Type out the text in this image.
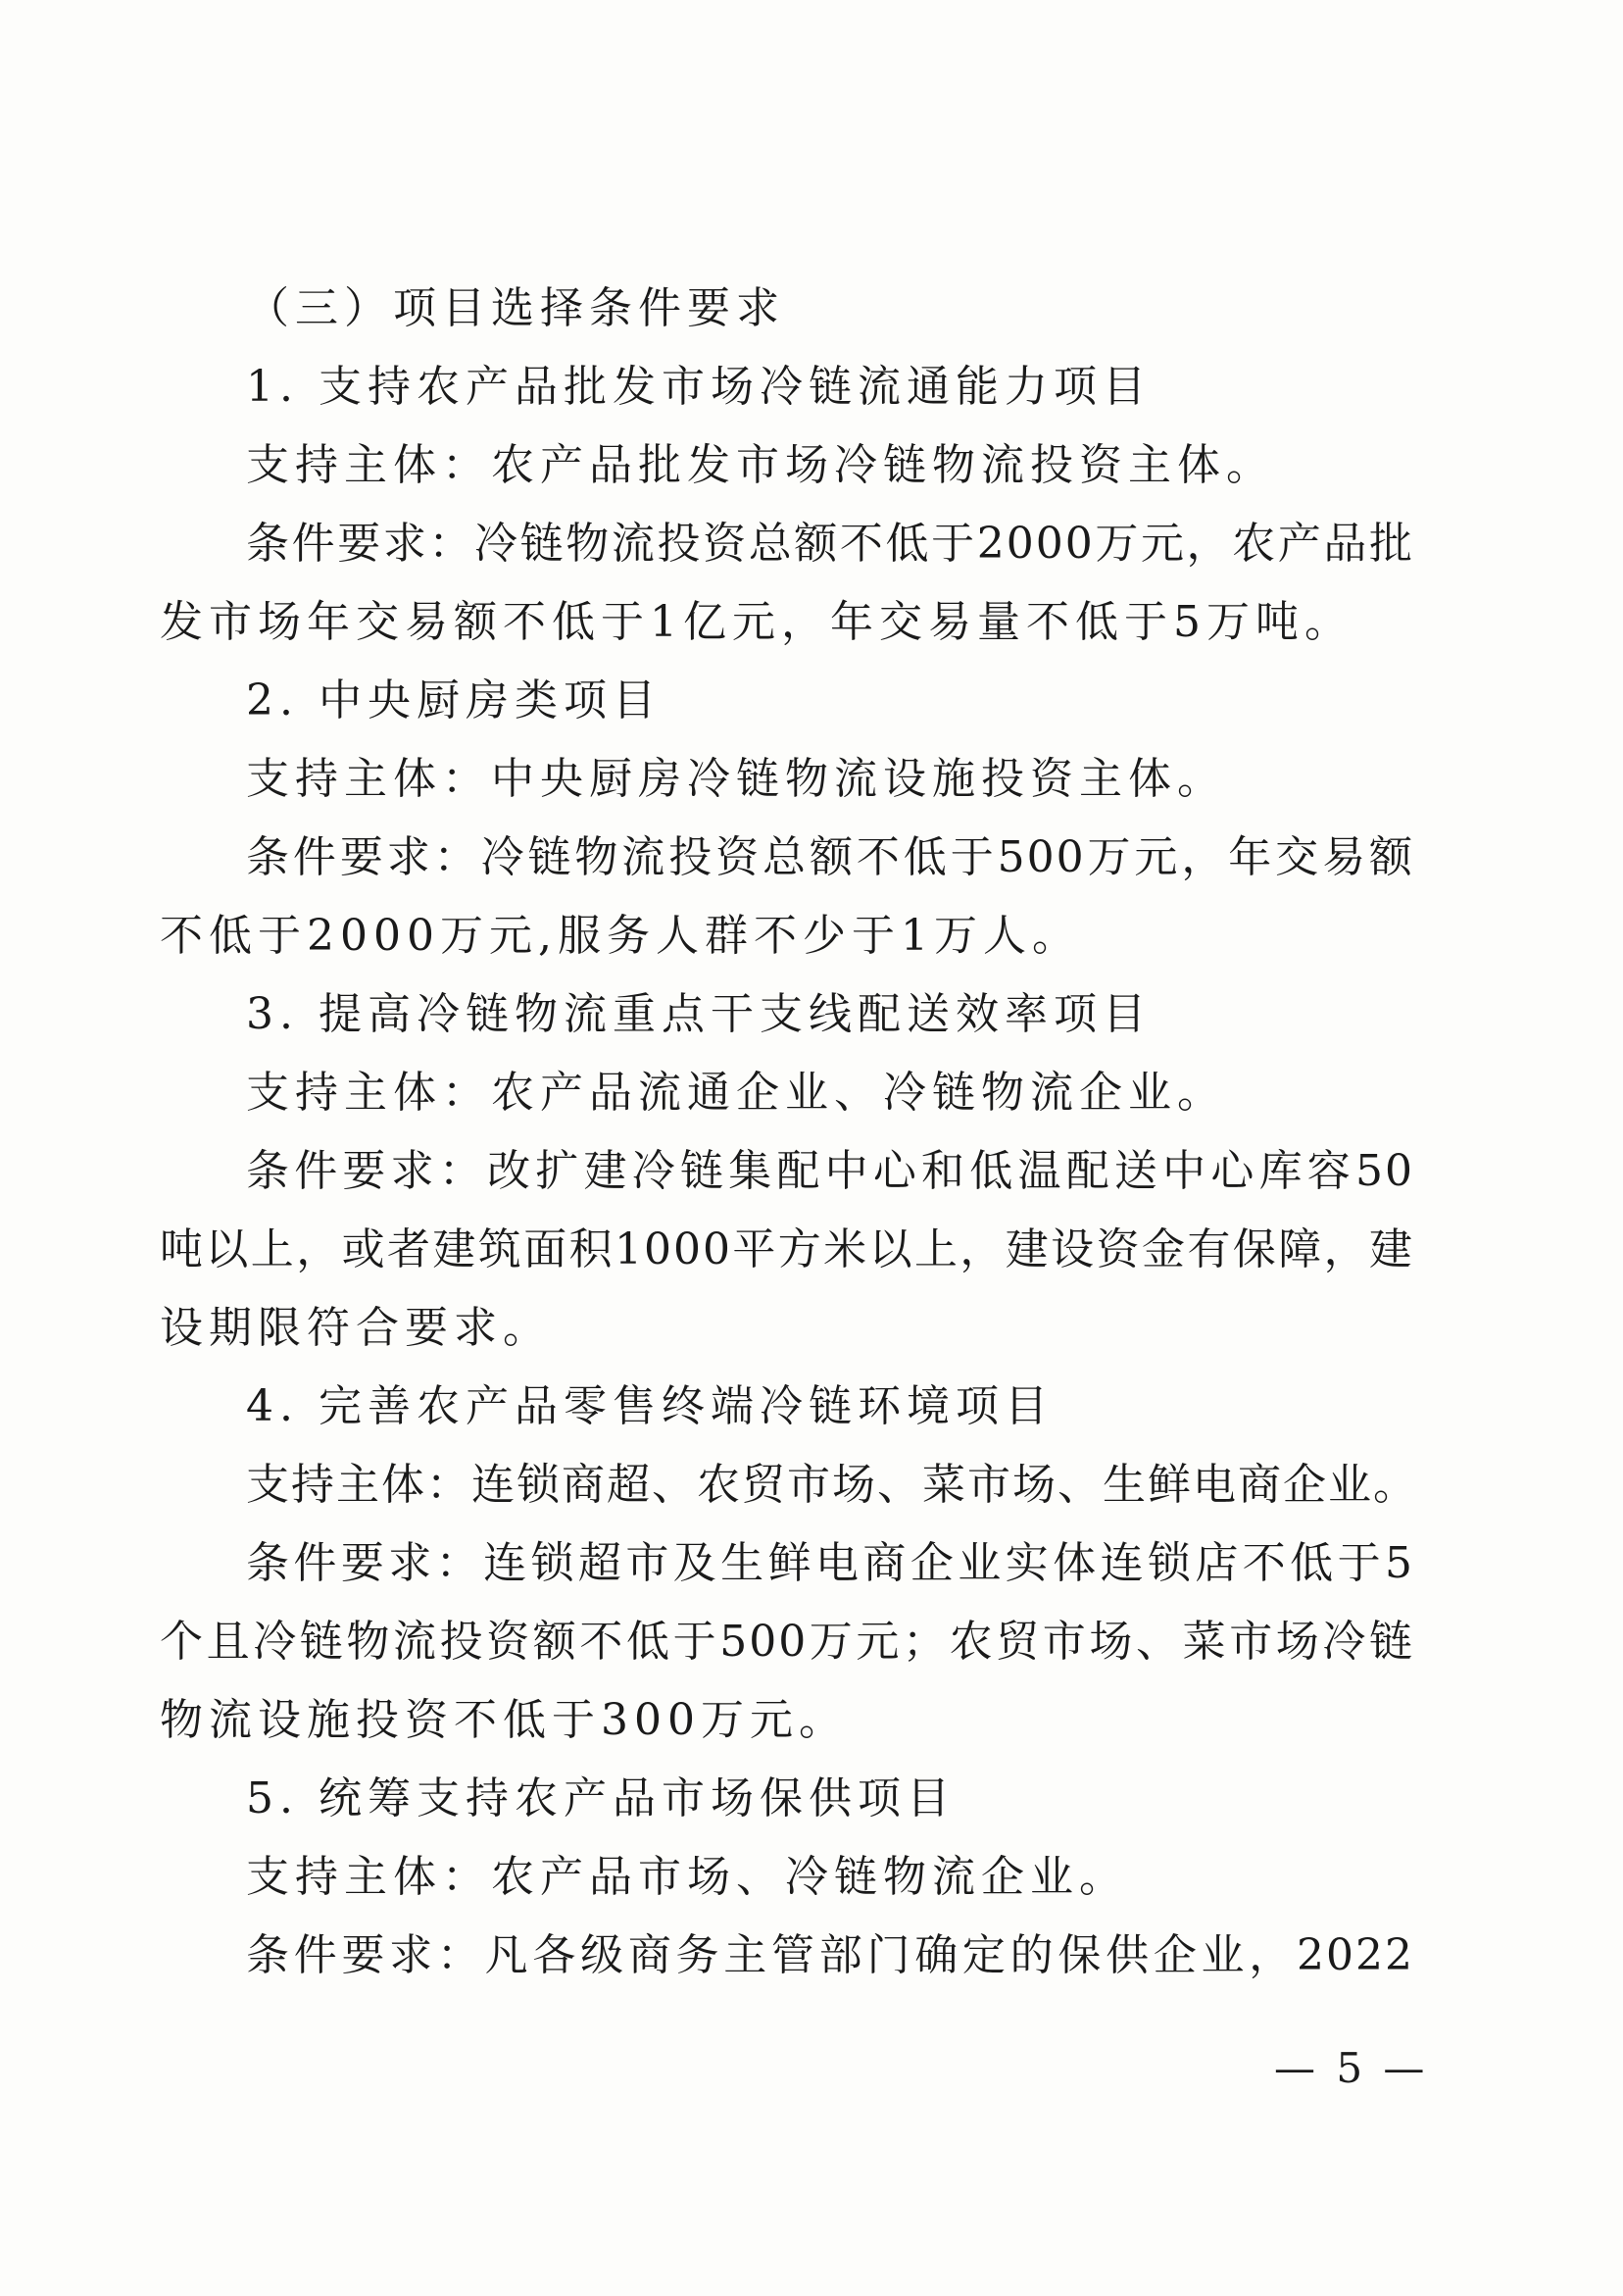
（三）项目选择条件要求
1. 支持农产品批发市场冷链流通能力项目
支持主体：农产品批发市场冷链物流投资主体。
条件要求：冷链物流投资总额不低于2000万元，农产品批
发市场年交易额不低于1亿元，年交易量不低于5万吨。
2. 中央厨房类项目
支持主体：中央厨房冷链物流设施投资主体。
条件要求：冷链物流投资总额不低于500万元，年交易额
不低于2000万元,服务人群不少于1万人。
3. 提高冷链物流重点干支线配送效率项目
支持主体：农产品流通企业、冷链物流企业。
条件要求：改扩建冷链集配中心和低温配送中心库容50
吨以上，或者建筑面积1000平方米以上，建设资金有保障，建
设期限符合要求。
4. 完善农产品零售终端冷链环境项目
支持主体：连锁商超、农贸市场、菜市场、生鲜电商企业。
条件要求：连锁超市及生鲜电商企业实体连锁店不低于5
个且冷链物流投资额不低于500万元；农贸市场、菜市场冷链
物流设施投资不低于300万元。
5. 统筹支持农产品市场保供项目
支持主体：农产品市场、冷链物流企业。
条件要求：凡各级商务主管部门确定的保供企业，2022
— 5 —
